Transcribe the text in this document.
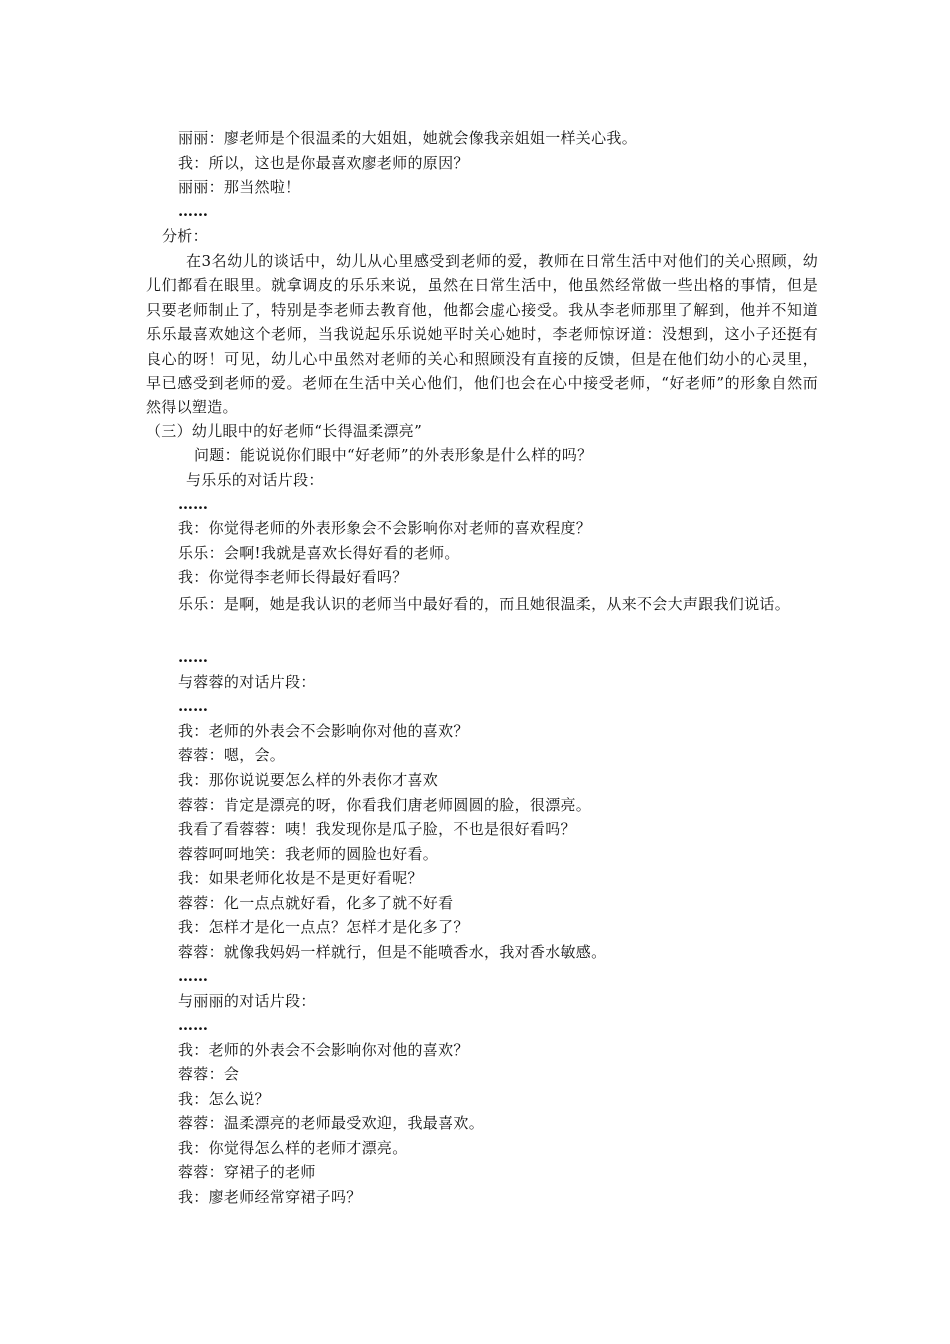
丽丽：廖老师是个很温柔的大姐姐，她就会像我亲姐姐一样关心我。
我：所以，这也是你最喜欢廖老师的原因？
丽丽：那当然啦！
……
分析：
在3名幼儿的谈话中，幼儿从心里感受到老师的爱，教师在日常生活中对他们的关心照顾，幼儿们都看在眼里。就拿调皮的乐乐来说，虽然在日常生活中，他虽然经常做一些出格的事情，但是只要老师制止了，特别是李老师去教育他，他都会虚心接受。我从李老师那里了解到，他并不知道乐乐最喜欢她这个老师，当我说起乐乐说她平时关心她时，李老师惊讶道：没想到，这小子还挺有良心的呀！可见，幼儿心中虽然对老师的关心和照顾没有直接的反馈，但是在他们幼小的心灵里，早已感受到老师的爱。老师在生活中关心他们，他们也会在心中接受老师，“好老师”的形象自然而然得以塑造。
（三）幼儿眼中的好老师“长得温柔漂亮”
问题：能说说你们眼中“好老师”的外表形象是什么样的吗？
与乐乐的对话片段：
……
我：你觉得老师的外表形象会不会影响你对老师的喜欢程度？
乐乐：会啊!我就是喜欢长得好看的老师。
我：你觉得李老师长得最好看吗？
乐乐：是啊，她是我认识的老师当中最好看的，而且她很温柔，从来不会大声跟我们说话。
……
与蓉蓉的对话片段：
……
我：老师的外表会不会影响你对他的喜欢？
蓉蓉：嗯，会。
我：那你说说要怎么样的外表你才喜欢
蓉蓉：肯定是漂亮的呀，你看我们唐老师圆圆的脸，很漂亮。
我看了看蓉蓉：咦！我发现你是瓜子脸，不也是很好看吗？
蓉蓉呵呵地笑：我老师的圆脸也好看。
我：如果老师化妆是不是更好看呢？
蓉蓉：化一点点就好看，化多了就不好看
我：怎样才是化一点点？怎样才是化多了？
蓉蓉：就像我妈妈一样就行，但是不能喷香水，我对香水敏感。
……
与丽丽的对话片段：
……
我：老师的外表会不会影响你对他的喜欢？
蓉蓉：会
我：怎么说？
蓉蓉：温柔漂亮的老师最受欢迎，我最喜欢。
我：你觉得怎么样的老师才漂亮。
蓉蓉：穿裙子的老师
我：廖老师经常穿裙子吗？
